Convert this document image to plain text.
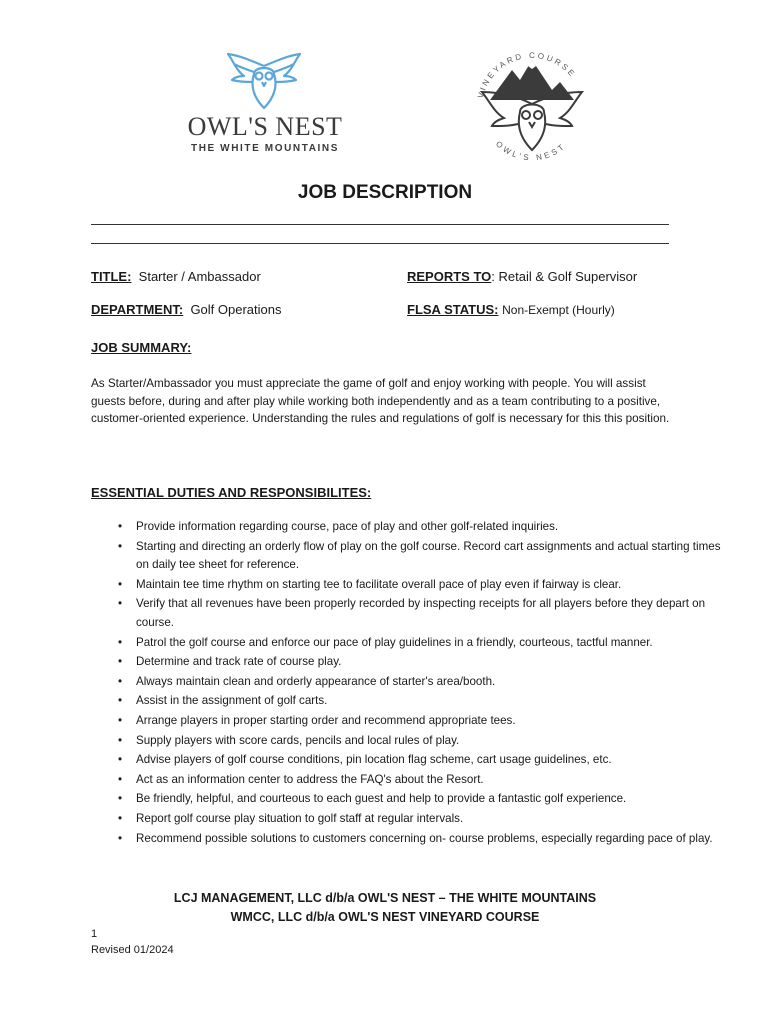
OWL'S NEST
THE WHITE MOUNTAINS
VINEYARD COURSE
OWL'S NEST
JOB DESCRIPTION
TITLE: Starter / Ambassador	REPORTS TO: Retail & Golf Supervisor
DEPARTMENT: Golf Operations	FLSA STATUS: Non-Exempt (Hourly)
JOB SUMMARY:
As Starter/Ambassador you must appreciate the game of golf and enjoy working with people. You will assist guests before, during and after play while working both independently and as a team contributing to a positive, customer-oriented experience. Understanding the rules and regulations of golf is necessary for this this position.
ESSENTIAL DUTIES AND RESPONSIBILITES:
• Provide information regarding course, pace of play and other golf-related inquiries.
• Starting and directing an orderly flow of play on the golf course. Record cart assignments and actual starting times on daily tee sheet for reference.
• Maintain tee time rhythm on starting tee to facilitate overall pace of play even if fairway is clear.
• Verify that all revenues have been properly recorded by inspecting receipts for all players before they depart on course.
• Patrol the golf course and enforce our pace of play guidelines in a friendly, courteous, tactful manner.
• Determine and track rate of course play.
• Always maintain clean and orderly appearance of starter's area/booth.
• Assist in the assignment of golf carts.
• Arrange players in proper starting order and recommend appropriate tees.
• Supply players with score cards, pencils and local rules of play.
• Advise players of golf course conditions, pin location flag scheme, cart usage guidelines, etc.
• Act as an information center to address the FAQ's about the Resort.
• Be friendly, helpful, and courteous to each guest and help to provide a fantastic golf experience.
• Report golf course play situation to golf staff at regular intervals.
• Recommend possible solutions to customers concerning on- course problems, especially regarding pace of play.
LCJ MANAGEMENT, LLC d/b/a OWL'S NEST – THE WHITE MOUNTAINS
WMCC, LLC d/b/a OWL'S NEST VINEYARD COURSE
1
Revised 01/2024
